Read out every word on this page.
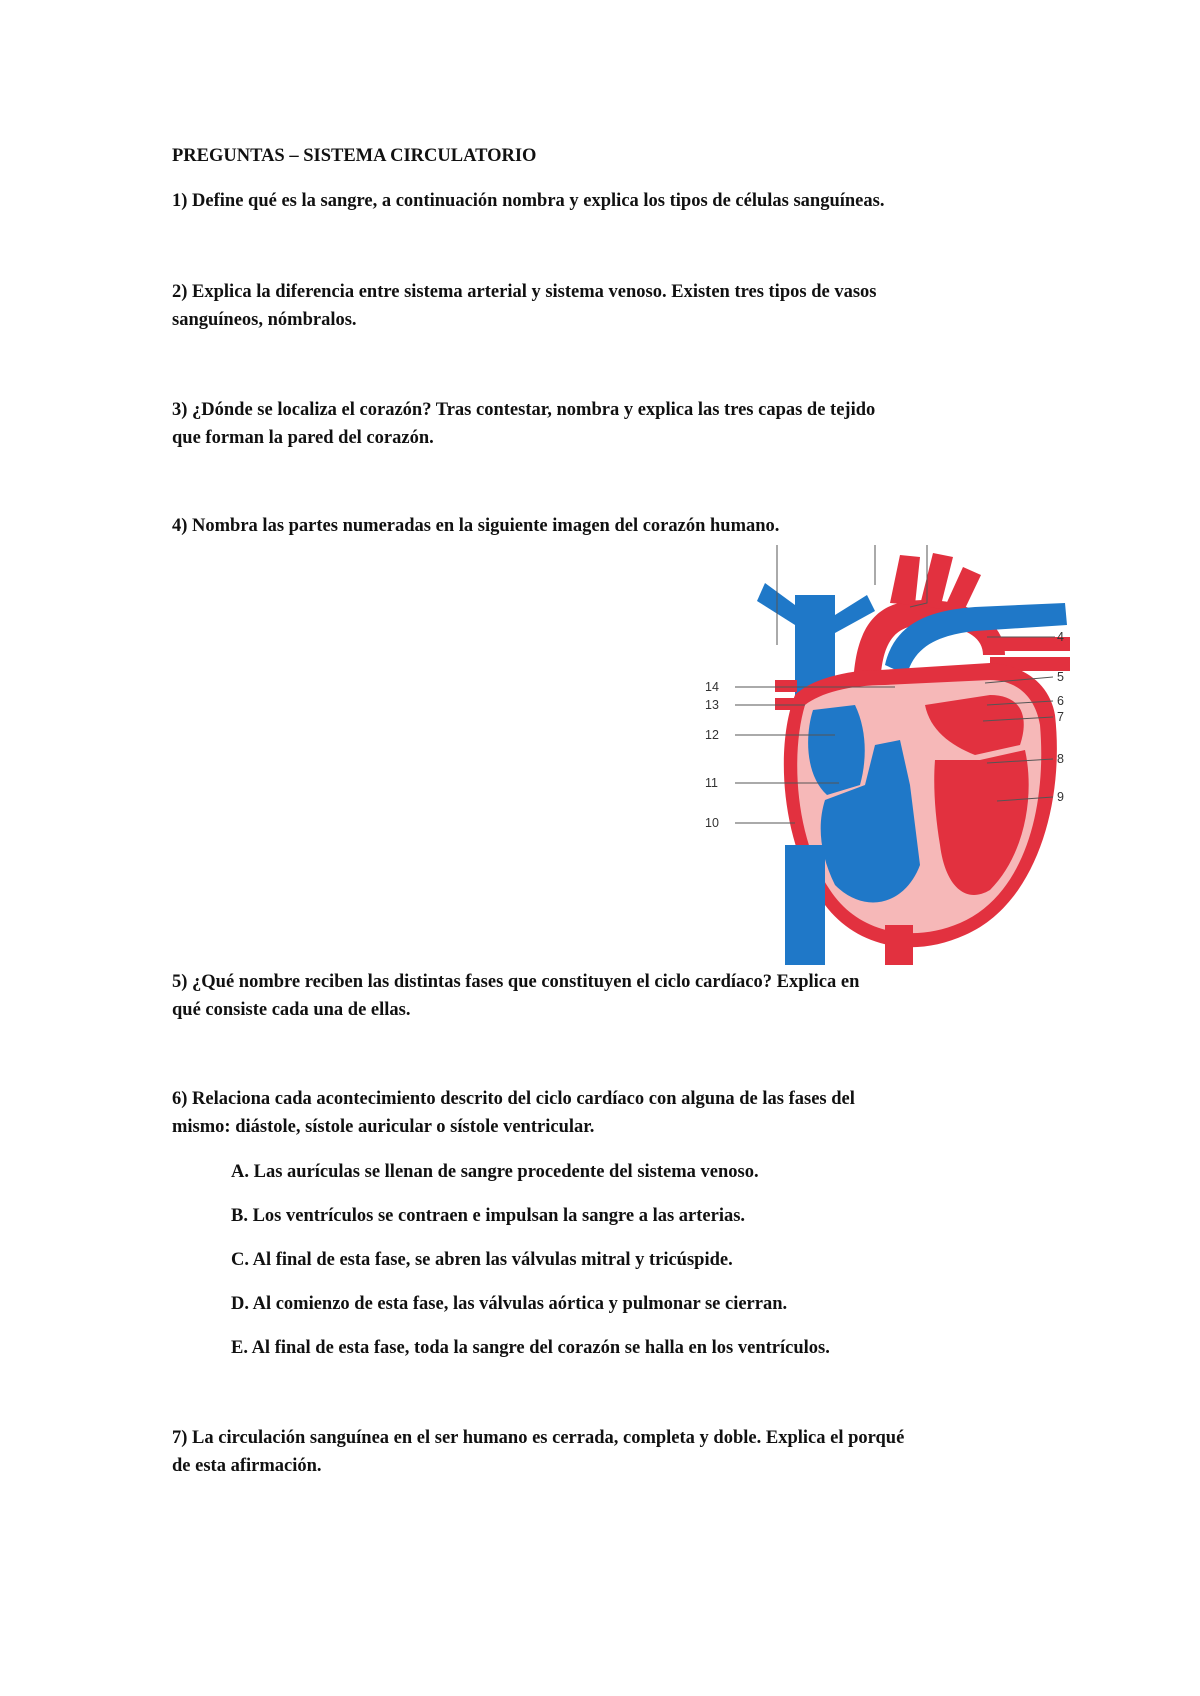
PREGUNTAS – SISTEMA CIRCULATORIO
1) Define qué es la sangre, a continuación nombra y explica los tipos de células sanguíneas.
2) Explica la diferencia entre sistema arterial y sistema venoso. Existen tres tipos de vasos
sanguíneos, nómbralos.
3) ¿Dónde se localiza el corazón? Tras contestar, nombra y explica las tres capas de tejido
que forman la pared del corazón.
4) Nombra las partes numeradas en la siguiente imagen del corazón humano.
4
5
6
7
8
9
10
11
12
13
14
5) ¿Qué nombre reciben las distintas fases que constituyen el ciclo cardíaco? Explica en
qué consiste cada una de ellas.
6) Relaciona cada acontecimiento descrito del ciclo cardíaco con alguna de las fases del
mismo: diástole, sístole auricular o sístole ventricular.
A. Las aurículas se llenan de sangre procedente del sistema venoso.
B. Los ventrículos se contraen e impulsan la sangre a las arterias.
C. Al final de esta fase, se abren las válvulas mitral y tricúspide.
D. Al comienzo de esta fase, las válvulas aórtica y pulmonar se cierran.
E. Al final de esta fase, toda la sangre del corazón se halla en los ventrículos.
7) La circulación sanguínea en el ser humano es cerrada, completa y doble. Explica el porqué
de esta afirmación.
